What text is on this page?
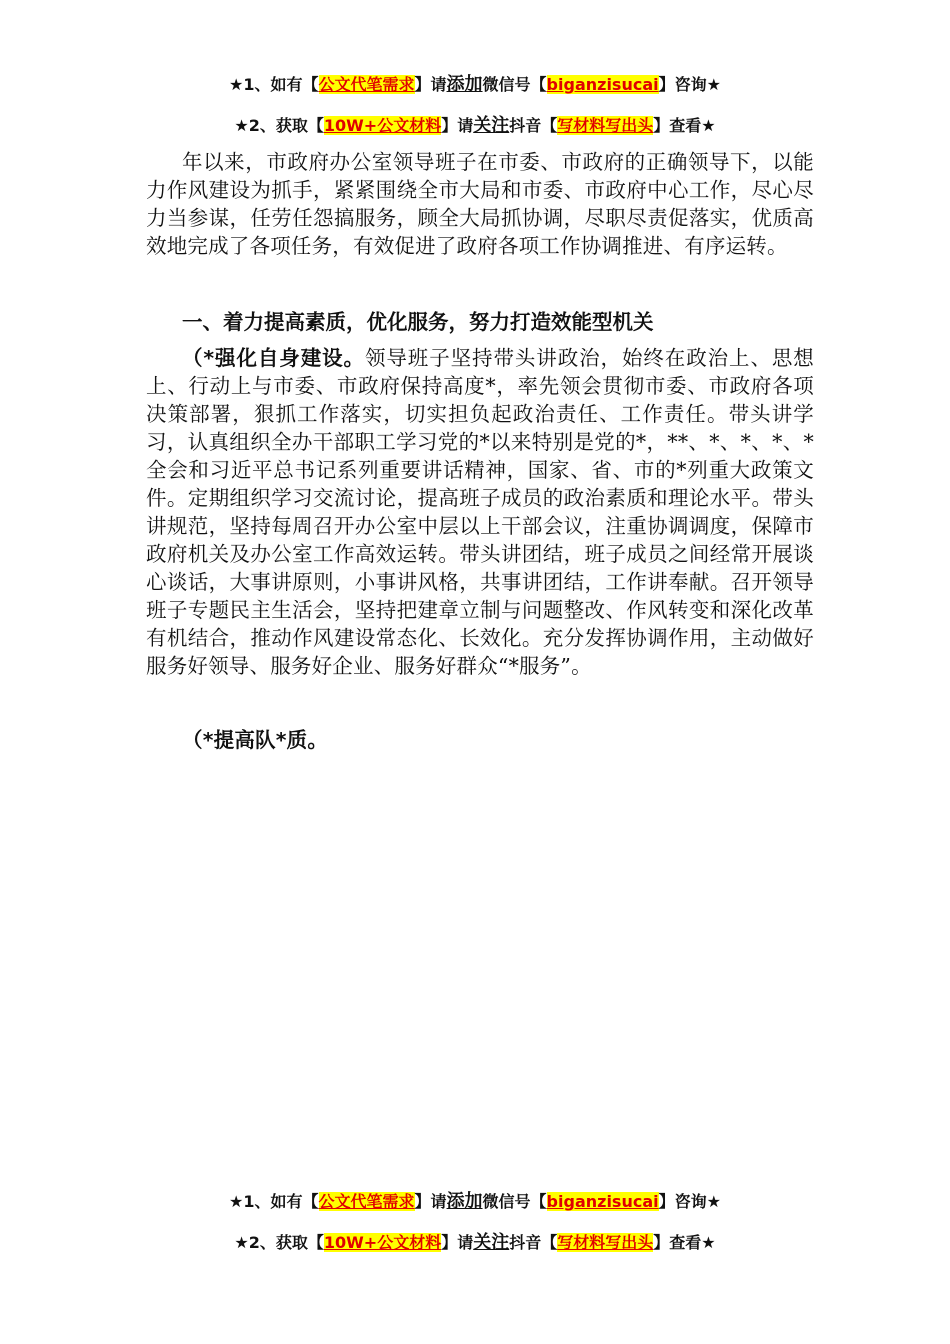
★1、如有【公文代笔需求】请添加微信号【biganzisucai】咨询★
★2、获取【10W+公文材料】请关注抖音【写材料写出头】查看★

年以来，市政府办公室领导班子在市委、市政府的正确领导下，以能力作风建设为抓手，紧紧围绕全市大局和市委、市政府中心工作，尽心尽力当参谋，任劳任怨搞服务，顾全大局抓协调，尽职尽责促落实，优质高效地完成了各项任务，有效促进了政府各项工作协调推进、有序运转。

一、着力提高素质，优化服务，努力打造效能型机关

（*强化自身建设。领导班子坚持带头讲政治，始终在政治上、思想上、行动上与市委、市政府保持高度*，率先领会贯彻市委、市政府各项决策部署，狠抓工作落实，切实担负起政治责任、工作责任。带头讲学习，认真组织全办干部职工学习党的*以来特别是党的*，**、*、*、*、*全会和习近平总书记系列重要讲话精神，国家、省、市的*列重大政策文件。定期组织学习交流讨论，提高班子成员的政治素质和理论水平。带头讲规范，坚持每周召开办公室中层以上干部会议，注重协调调度，保障市政府机关及办公室工作高效运转。带头讲团结，班子成员之间经常开展谈心谈话，大事讲原则，小事讲风格，共事讲团结，工作讲奉献。召开领导班子专题民主生活会，坚持把建章立制与问题整改、作风转变和深化改革有机结合，推动作风建设常态化、长效化。充分发挥协调作用，主动做好服务好领导、服务好企业、服务好群众“*服务”。

（*提高队*质。

★1、如有【公文代笔需求】请添加微信号【biganzisucai】咨询★
★2、获取【10W+公文材料】请关注抖音【写材料写出头】查看★
